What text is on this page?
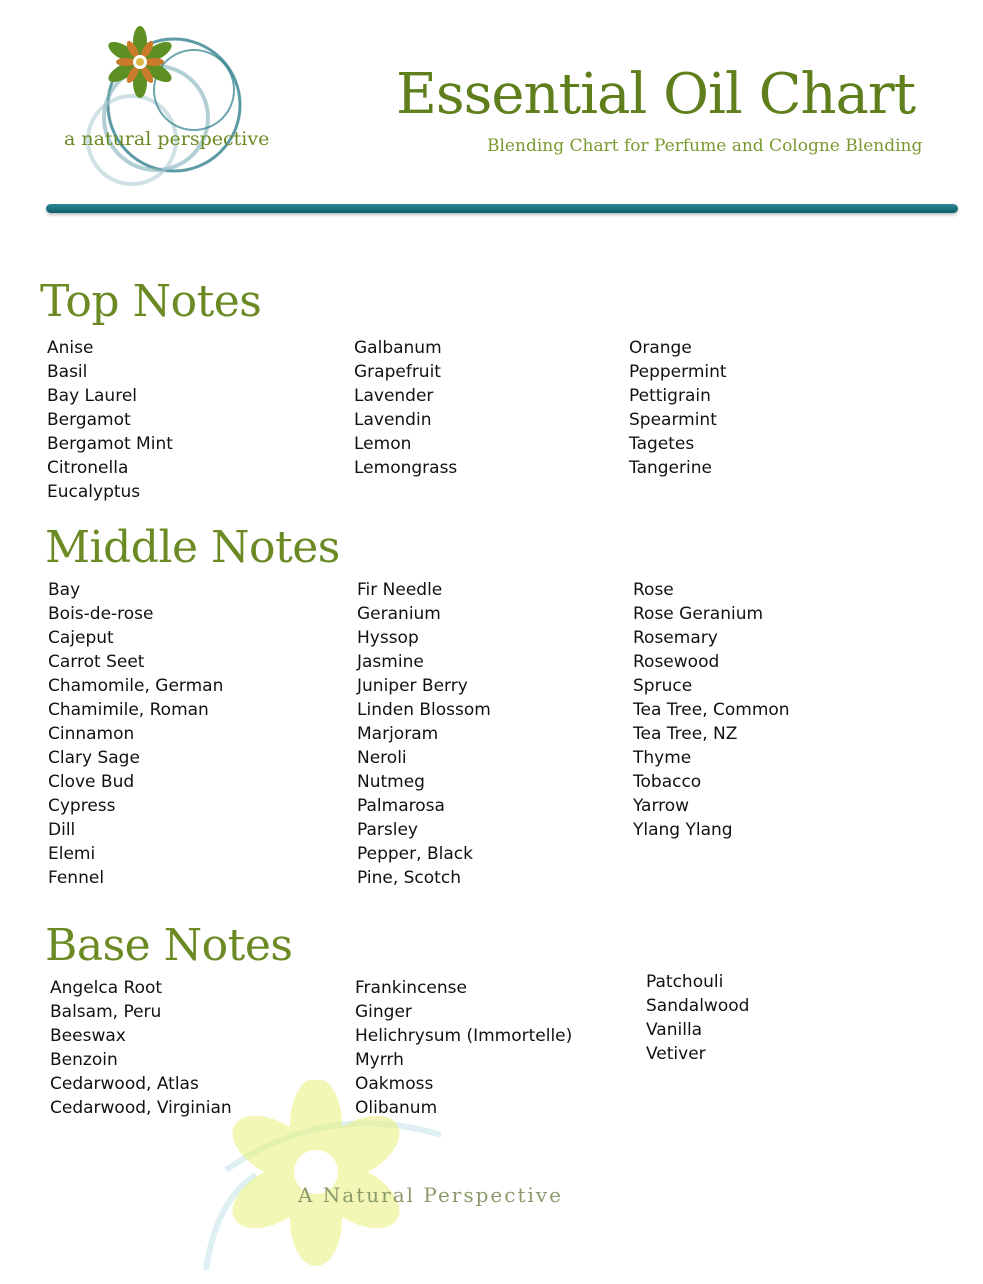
a natural perspective
Essential Oil Chart
Blending Chart for Perfume and Cologne Blending
Top Notes
Anise
Basil
Bay Laurel
Bergamot
Bergamot Mint
Citronella
Eucalyptus
Galbanum
Grapefruit
Lavender
Lavendin
Lemon
Lemongrass
Orange
Peppermint
Pettigrain
Spearmint
Tagetes
Tangerine
Middle Notes
Bay
Bois-de-rose
Cajeput
Carrot Seet
Chamomile, German
Chamimile, Roman
Cinnamon
Clary Sage
Clove Bud
Cypress
Dill
Elemi
Fennel
Fir Needle
Geranium
Hyssop
Jasmine
Juniper Berry
Linden Blossom
Marjoram
Neroli
Nutmeg
Palmarosa
Parsley
Pepper, Black
Pine, Scotch
Rose
Rose Geranium
Rosemary
Rosewood
Spruce
Tea Tree, Common
Tea Tree, NZ
Thyme
Tobacco
Yarrow
Ylang Ylang
Base Notes
Angelca Root
Balsam, Peru
Beeswax
Benzoin
Cedarwood, Atlas
Cedarwood, Virginian
Frankincense
Ginger
Helichrysum (Immortelle)
Myrrh
Oakmoss
Olibanum
Patchouli
Sandalwood
Vanilla
Vetiver
A Natural Perspective
